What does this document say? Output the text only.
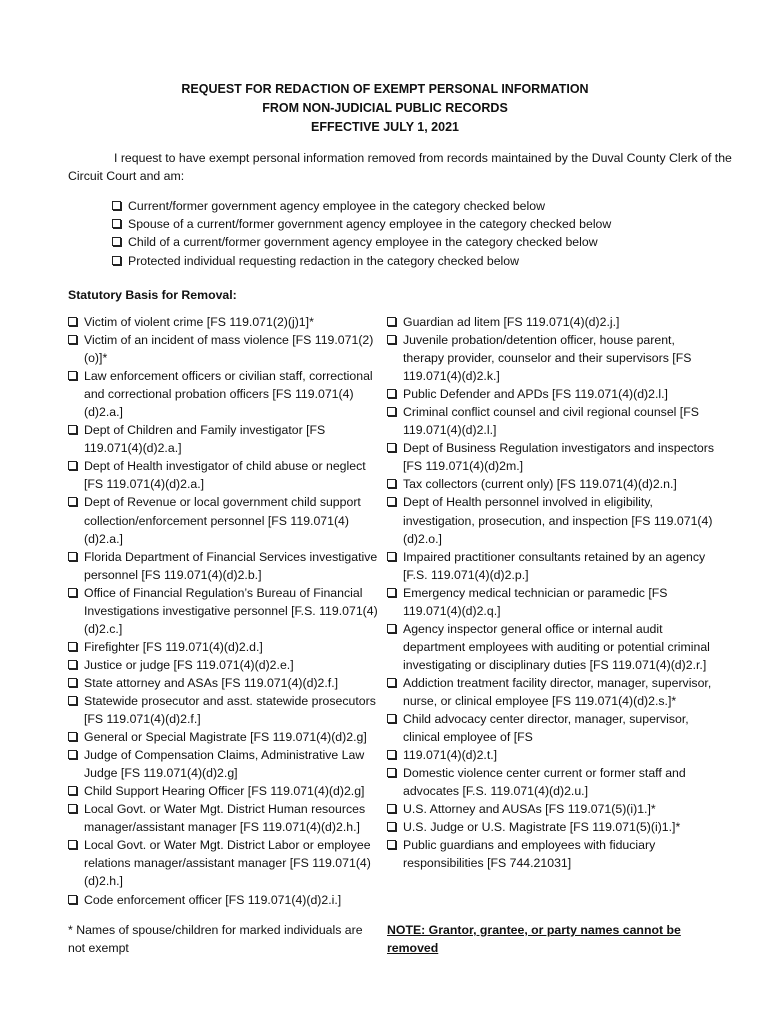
REQUEST FOR REDACTION OF EXEMPT PERSONAL INFORMATION
FROM NON-JUDICIAL PUBLIC RECORDS
EFFECTIVE JULY 1, 2021
I request to have exempt personal information removed from records maintained by the Duval County Clerk of the Circuit Court and am:
Current/former government agency employee in the category checked below
Spouse of a current/former government agency employee in the category checked below
Child of a current/former government agency employee in the category checked below
Protected individual requesting redaction in the category checked below
Statutory Basis for Removal:
Victim of violent crime [FS 119.071(2)(j)1]*
Victim of an incident of mass violence [FS 119.071(2)(o)]*
Law enforcement officers or civilian staff, correctional and correctional probation officers [FS 119.071(4)(d)2.a.]
Dept of Children and Family investigator [FS 119.071(4)(d)2.a.]
Dept of Health investigator of child abuse or neglect [FS 119.071(4)(d)2.a.]
Dept of Revenue or local government child support collection/enforcement personnel [FS 119.071(4)(d)2.a.]
Florida Department of Financial Services investigative personnel [FS 119.071(4)(d)2.b.]
Office of Financial Regulation’s Bureau of Financial Investigations investigative personnel [F.S. 119.071(4)(d)2.c.]
Firefighter [FS 119.071(4)(d)2.d.]
Justice or judge [FS 119.071(4)(d)2.e.]
State attorney and ASAs [FS 119.071(4)(d)2.f.]
Statewide prosecutor and asst. statewide prosecutors [FS 119.071(4)(d)2.f.]
General or Special Magistrate [FS 119.071(4)(d)2.g]
Judge of Compensation Claims, Administrative Law Judge [FS 119.071(4)(d)2.g]
Child Support Hearing Officer [FS 119.071(4)(d)2.g]
Local Govt. or Water Mgt. District Human resources manager/assistant manager [FS 119.071(4)(d)2.h.]
Local Govt. or Water Mgt. District Labor or employee relations manager/assistant manager [FS 119.071(4)(d)2.h.]
Code enforcement officer [FS 119.071(4)(d)2.i.]
Guardian ad litem [FS 119.071(4)(d)2.j.]
Juvenile probation/detention officer, house parent, therapy provider, counselor and their supervisors [FS 119.071(4)(d)2.k.]
Public Defender and APDs [FS 119.071(4)(d)2.l.]
Criminal conflict counsel and civil regional counsel [FS 119.071(4)(d)2.l.]
Dept of Business Regulation investigators and inspectors [FS 119.071(4)(d)2m.]
Tax collectors (current only) [FS 119.071(4)(d)2.n.]
Dept of Health personnel involved in eligibility, investigation, prosecution, and inspection [FS 119.071(4)(d)2.o.]
Impaired practitioner consultants retained by an agency [F.S. 119.071(4)(d)2.p.]
Emergency medical technician or paramedic [FS 119.071(4)(d)2.q.]
Agency inspector general office or internal audit department employees with auditing or potential criminal investigating or disciplinary duties [FS 119.071(4)(d)2.r.]
Addiction treatment facility director, manager, supervisor, nurse, or clinical employee [FS 119.071(4)(d)2.s.]*
Child advocacy center director, manager, supervisor, clinical employee of [FS
119.071(4)(d)2.t.]
Domestic violence center current or former staff and advocates [F.S. 119.071(4)(d)2.u.]
U.S. Attorney and AUSAs [FS 119.071(5)(i)1.]*
U.S. Judge or U.S. Magistrate [FS 119.071(5)(i)1.]*
Public guardians and employees with fiduciary responsibilities [FS 744.21031]
* Names of spouse/children for marked individuals are not exempt
NOTE: Grantor, grantee, or party names cannot be removed
